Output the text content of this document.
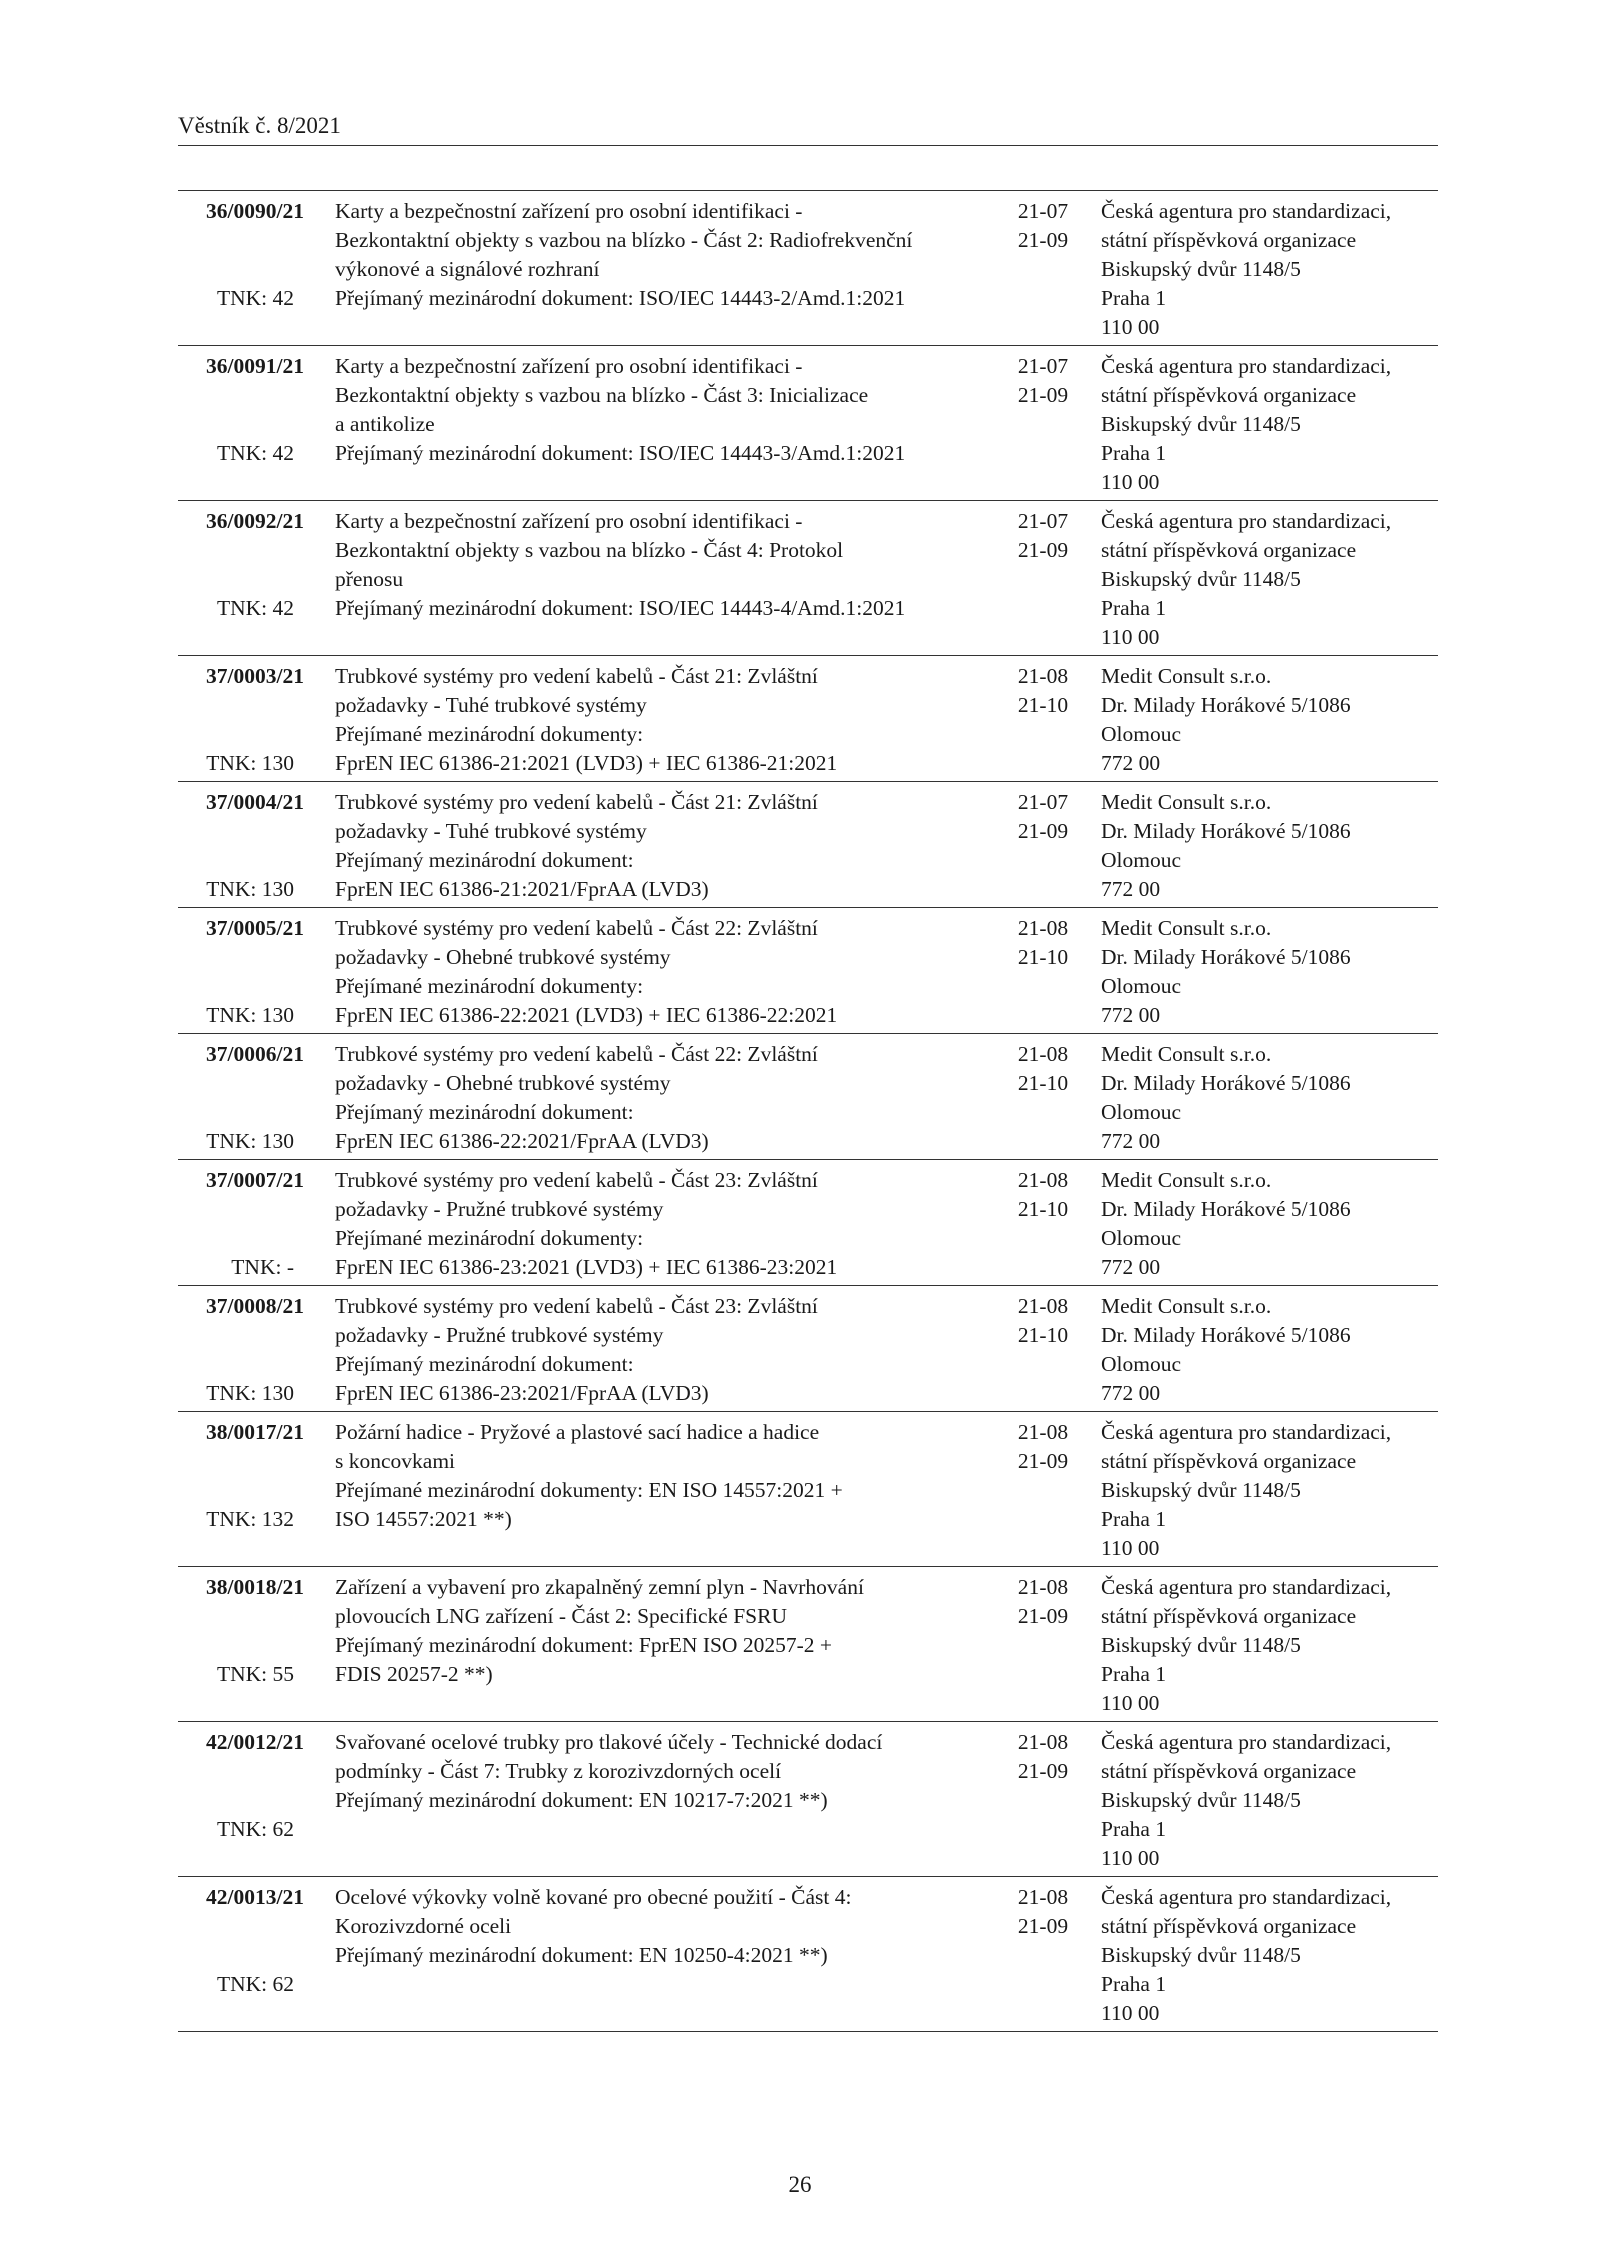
Věstník č. 8/2021
36/0090/21
TNK: 42
Karty a bezpečnostní zařízení pro osobní identifikaci -
Bezkontaktní objekty s vazbou na blízko - Část 2: Radiofrekvenční
výkonové a signálové rozhraní
Přejímaný mezinárodní dokument: ISO/IEC 14443-2/Amd.1:2021
21-07
21-09
Česká agentura pro standardizaci,
státní příspěvková organizace
Biskupský dvůr 1148/5
Praha 1
110 00
36/0091/21
TNK: 42
Karty a bezpečnostní zařízení pro osobní identifikaci -
Bezkontaktní objekty s vazbou na blízko - Část 3: Inicializace
a antikolize
Přejímaný mezinárodní dokument: ISO/IEC 14443-3/Amd.1:2021
21-07
21-09
Česká agentura pro standardizaci,
státní příspěvková organizace
Biskupský dvůr 1148/5
Praha 1
110 00
36/0092/21
TNK: 42
Karty a bezpečnostní zařízení pro osobní identifikaci -
Bezkontaktní objekty s vazbou na blízko - Část 4: Protokol
přenosu
Přejímaný mezinárodní dokument: ISO/IEC 14443-4/Amd.1:2021
21-07
21-09
Česká agentura pro standardizaci,
státní příspěvková organizace
Biskupský dvůr 1148/5
Praha 1
110 00
37/0003/21
TNK: 130
Trubkové systémy pro vedení kabelů - Část 21: Zvláštní
požadavky - Tuhé trubkové systémy
Přejímané mezinárodní dokumenty:
FprEN IEC 61386-21:2021 (LVD3) + IEC 61386-21:2021
21-08
21-10
Medit Consult s.r.o.
Dr. Milady Horákové 5/1086
Olomouc
772 00
37/0004/21
TNK: 130
Trubkové systémy pro vedení kabelů - Část 21: Zvláštní
požadavky - Tuhé trubkové systémy
Přejímaný mezinárodní dokument:
FprEN IEC 61386-21:2021/FprAA (LVD3)
21-07
21-09
Medit Consult s.r.o.
Dr. Milady Horákové 5/1086
Olomouc
772 00
37/0005/21
TNK: 130
Trubkové systémy pro vedení kabelů - Část 22: Zvláštní
požadavky - Ohebné trubkové systémy
Přejímané mezinárodní dokumenty:
FprEN IEC 61386-22:2021 (LVD3) + IEC 61386-22:2021
21-08
21-10
Medit Consult s.r.o.
Dr. Milady Horákové 5/1086
Olomouc
772 00
37/0006/21
TNK: 130
Trubkové systémy pro vedení kabelů - Část 22: Zvláštní
požadavky - Ohebné trubkové systémy
Přejímaný mezinárodní dokument:
FprEN IEC 61386-22:2021/FprAA (LVD3)
21-08
21-10
Medit Consult s.r.o.
Dr. Milady Horákové 5/1086
Olomouc
772 00
37/0007/21
TNK: -
Trubkové systémy pro vedení kabelů - Část 23: Zvláštní
požadavky - Pružné trubkové systémy
Přejímané mezinárodní dokumenty:
FprEN IEC 61386-23:2021 (LVD3) + IEC 61386-23:2021
21-08
21-10
Medit Consult s.r.o.
Dr. Milady Horákové 5/1086
Olomouc
772 00
37/0008/21
TNK: 130
Trubkové systémy pro vedení kabelů - Část 23: Zvláštní
požadavky - Pružné trubkové systémy
Přejímaný mezinárodní dokument:
FprEN IEC 61386-23:2021/FprAA (LVD3)
21-08
21-10
Medit Consult s.r.o.
Dr. Milady Horákové 5/1086
Olomouc
772 00
38/0017/21
TNK: 132
Požární hadice - Pryžové a plastové sací hadice a hadice
s koncovkami
Přejímané mezinárodní dokumenty: EN ISO 14557:2021 +
ISO 14557:2021 **)
21-08
21-09
Česká agentura pro standardizaci,
státní příspěvková organizace
Biskupský dvůr 1148/5
Praha 1
110 00
38/0018/21
TNK: 55
Zařízení a vybavení pro zkapalněný zemní plyn - Navrhování
plovoucích LNG zařízení - Část 2: Specifické FSRU
Přejímaný mezinárodní dokument: FprEN ISO 20257-2 +
FDIS 20257-2 **)
21-08
21-09
Česká agentura pro standardizaci,
státní příspěvková organizace
Biskupský dvůr 1148/5
Praha 1
110 00
42/0012/21
TNK: 62
Svařované ocelové trubky pro tlakové účely - Technické dodací
podmínky - Část 7: Trubky z korozivzdorných ocelí
Přejímaný mezinárodní dokument: EN 10217-7:2021 **)
21-08
21-09
Česká agentura pro standardizaci,
státní příspěvková organizace
Biskupský dvůr 1148/5
Praha 1
110 00
42/0013/21
TNK: 62
Ocelové výkovky volně kované pro obecné použití - Část 4:
Korozivzdorné oceli
Přejímaný mezinárodní dokument: EN 10250-4:2021 **)
21-08
21-09
Česká agentura pro standardizaci,
státní příspěvková organizace
Biskupský dvůr 1148/5
Praha 1
110 00
26
